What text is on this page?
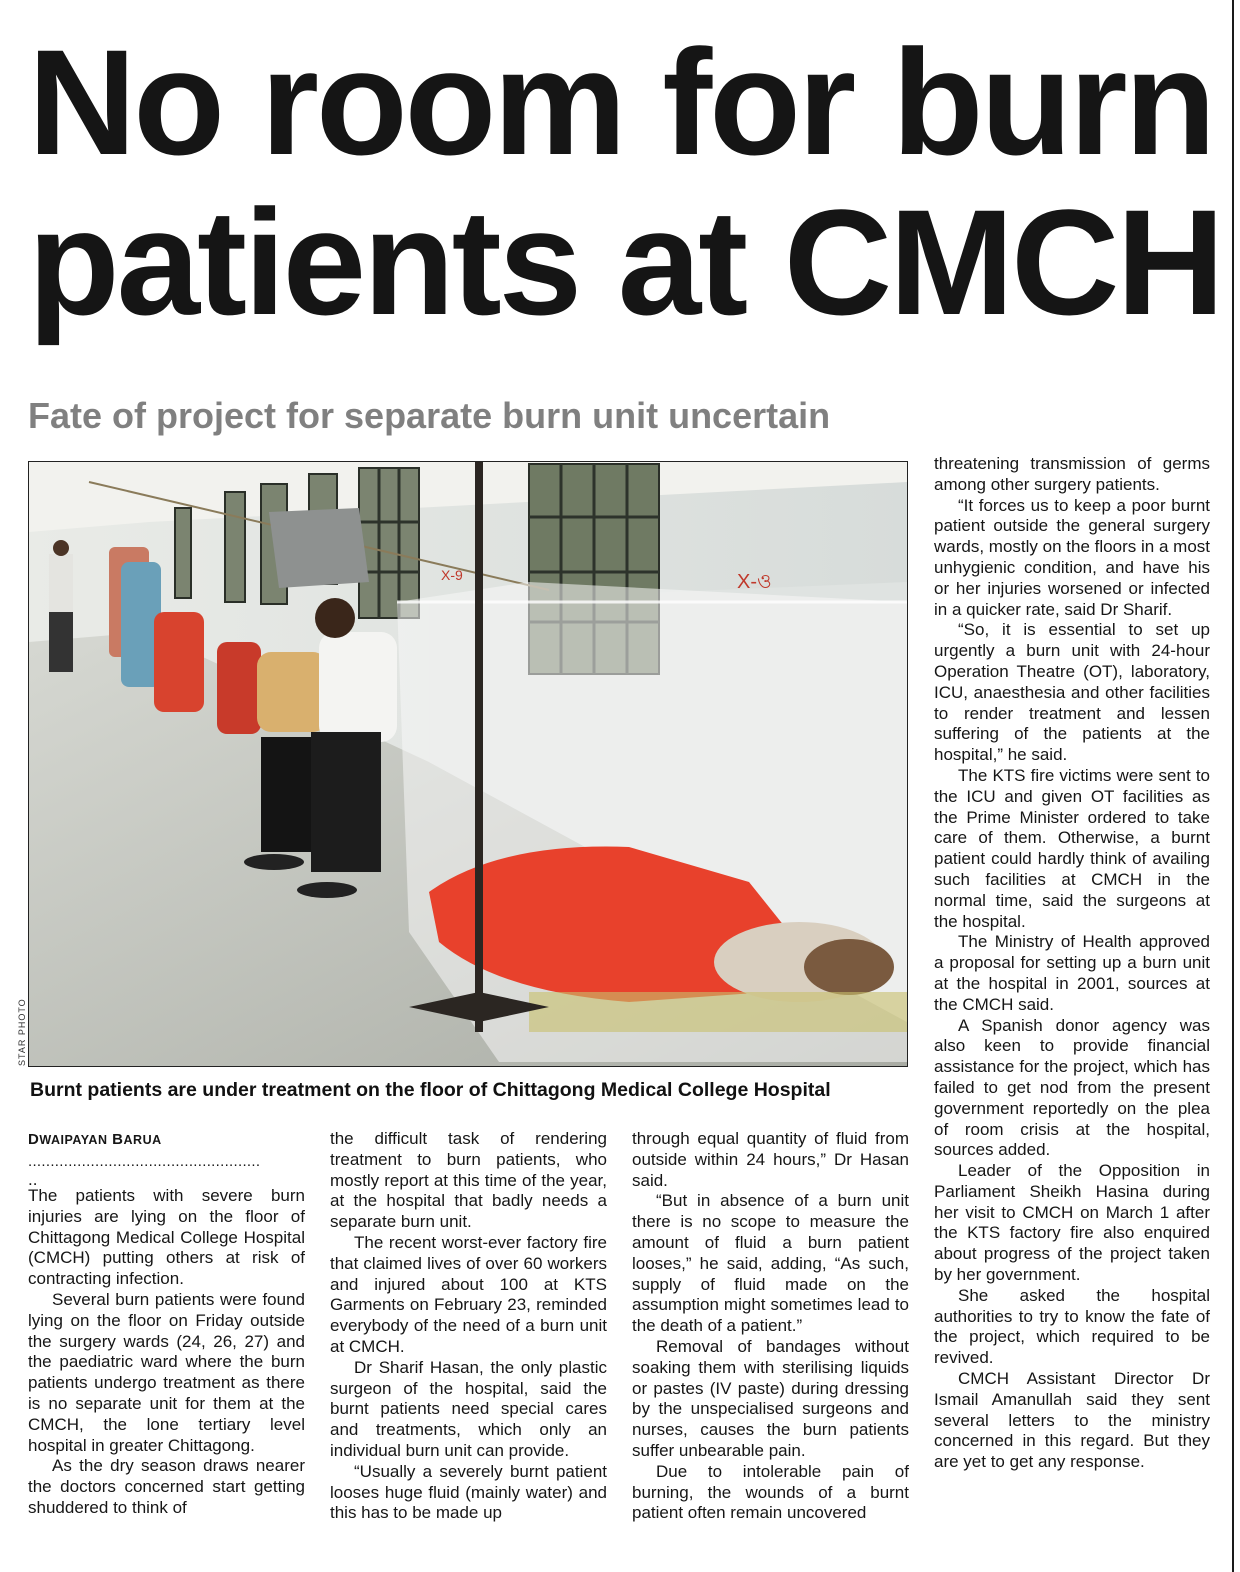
No room for burn
patients at CMCH
Fate of project for separate burn unit uncertain
X-9	X-ও
STAR PHOTO

Burnt patients are under treatment on the floor of Chittagong Medical College Hospital

DWAIPAYAN BARUA

....................................................

..

The patients with severe burn injuries are lying on the floor of Chittagong Medical College Hospital (CMCH) putting others at risk of contracting infection.

Several burn patients were found lying on the floor on Friday outside the surgery wards (24, 26, 27) and the paediatric ward where the burn patients undergo treatment as there is no separate unit for them at the CMCH, the lone tertiary level hospital in greater Chittagong.

As the dry season draws nearer the doctors concerned start getting shuddered to think of

the difficult task of rendering treatment to burn patients, who mostly report at this time of the year, at the hospital that badly needs a separate burn unit.

The recent worst-ever factory fire that claimed lives of over 60 workers and injured about 100 at KTS Garments on February 23, reminded everybody of the need of a burn unit at CMCH.

Dr Sharif Hasan, the only plastic surgeon of the hospital, said the burnt patients need special cares and treatments, which only an individual burn unit can provide.

“Usually a severely burnt patient looses huge fluid (mainly water) and this has to be made up

through equal quantity of fluid from outside within 24 hours,” Dr Hasan said.

“But in absence of a burn unit there is no scope to measure the amount of fluid a burn patient looses,” he said, adding, “As such, supply of fluid made on the assumption might sometimes lead to the death of a patient.”

Removal of bandages without soaking them with sterilising liquids or pastes (IV paste) during dressing by the unspecialised surgeons and nurses, causes the burn patients suffer unbearable pain.

Due to intolerable pain of burning, the wounds of a burnt patient often remain uncovered

threatening transmission of germs among other surgery patients.

“It forces us to keep a poor burnt patient outside the general surgery wards, mostly on the floors in a most unhygienic condition, and have his or her injuries worsened or infected in a quicker rate, said Dr Sharif.

“So, it is essential to set up urgently a burn unit with 24-hour Operation Theatre (OT), laboratory, ICU, anaesthesia and other facilities to render treatment and lessen suffering of the patients at the hospital,” he said.

The KTS fire victims were sent to the ICU and given OT facilities as the Prime Minister ordered to take care of them. Otherwise, a burnt patient could hardly think of availing such facilities at CMCH in the normal time, said the surgeons at the hospital.

The Ministry of Health approved a proposal for setting up a burn unit at the hospital in 2001, sources at the CMCH said.

A Spanish donor agency was also keen to provide financial assistance for the project, which has failed to get nod from the present government reportedly on the plea of room crisis at the hospital, sources added.

Leader of the Opposition in Parliament Sheikh Hasina during her visit to CMCH on March 1 after the KTS factory fire also enquired about progress of the project taken by her government.

She asked the hospital authorities to try to know the fate of the project, which required to be revived.

CMCH Assistant Director Dr Ismail Amanullah said they sent several letters to the ministry concerned in this regard. But they are yet to get any response.
